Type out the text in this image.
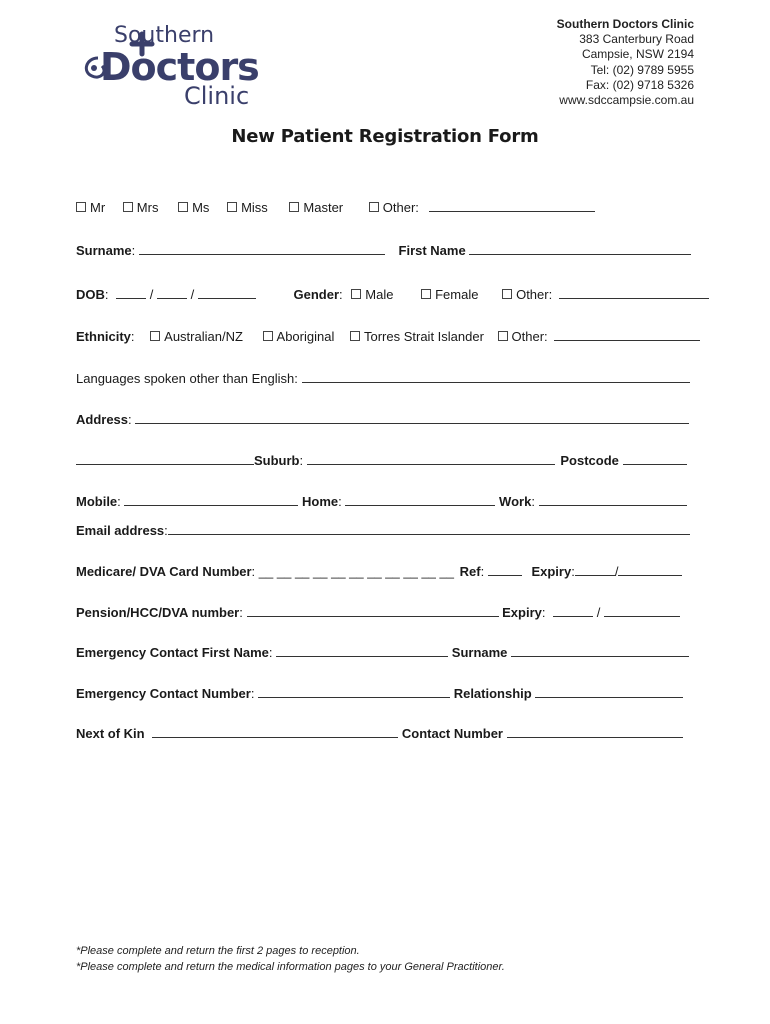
Southern
Doctors
Clinic
Southern Doctors Clinic
383 Canterbury Road
Campsie, NSW 2194
Tel: (02) 9789 5955
Fax: (02) 9718 5326
www.sdccampsie.com.au
New Patient Registration Form
Mr Mrs	Ms Miss	Master	Other:
Surname:	First Name
DOB:	/	/	Gender: Male	Female	Other:
Ethnicity: Australian/NZ	Aboriginal Torres Strait Islander Other:
Languages spoken other than English:
Address:
Suburb:	Postcode
Mobile:	Home:	Work:
Email address:
Medicare/ DVA Card Number: __ __ __ __ __ __ __ __ __ __ __ Ref:	Expiry:	/
Pension/HCC/DVA number:	Expiry:	/
Emergency Contact First Name:	Surname
Emergency Contact Number:	Relationship
Next of Kin	Contact Number
*Please complete and return the first 2 pages to reception.
*Please complete and return the medical information pages to your General Practitioner.
